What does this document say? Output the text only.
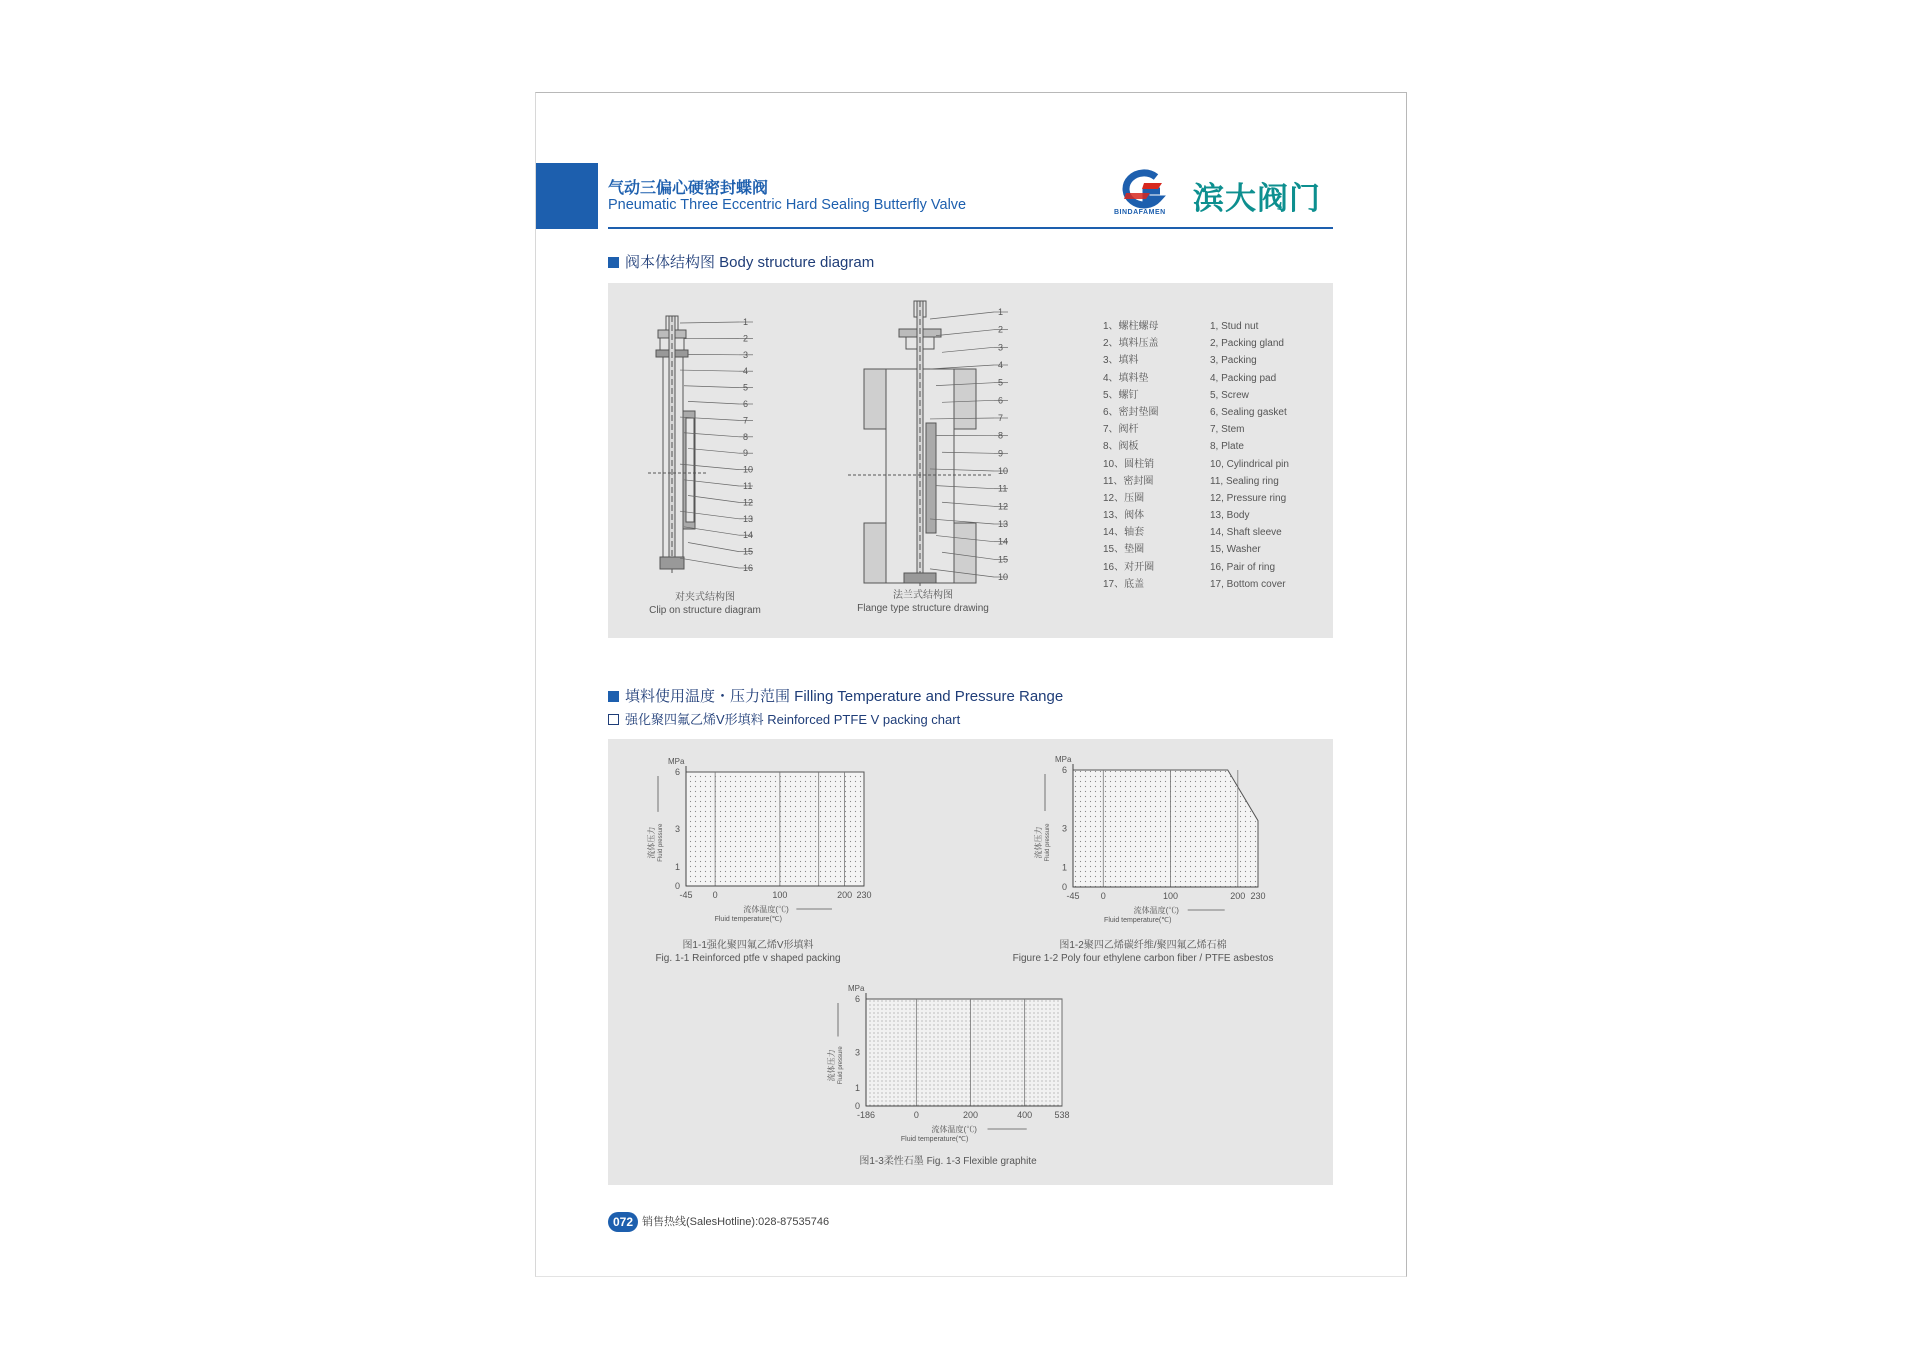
气动三偏心硬密封蝶阀
Pneumatic Three Eccentric Hard Sealing Butterfly Valve	BINDAFAMEN 滨大阀门
阀本体结构图 Body structure diagram
1
2
3
4
5
6
7
8
9
10
11
12
13
14
15
16
1
2
3
4
5
6
7
8
9
10
11
12
13
14
15
10
1、螺柱螺母	1, Stud nut
2、填料压盖	2, Packing gland
3、填料	3, Packing
4、填料垫	4, Packing pad
5、螺钉	5, Screw
6、密封垫圈	6, Sealing gasket
7、阀杆	7, Stem
8、阀板	8, Plate
10、圆柱销	10, Cylindrical pin
11、密封圈	11, Sealing ring
12、压圈	12, Pressure ring
13、阀体	13, Body
14、轴套	14, Shaft sleeve
15、垫圈	15, Washer
16、对开圈	16, Pair of ring
17、底盖	17, Bottom cover
对夹式结构图
Clip on structure diagram
法兰式结构图
Flange type structure drawing
填料使用温度・压力范围 Filling Temperature and Pressure Range
强化聚四氟乙烯V形填料 Reinforced PTFE V packing chart
-45 0	100	200 230
0
1
3
6
MPa
流体温度(℃)
Fluid temperature(℃)
流体压力 Fluid pressure
-45 0	100	200 230
0
1
3
6
MPa
流体温度(℃)
Fluid temperature(℃)
流体压力 Fluid pressure
-186	0	200	400 538
0
1
3
6
MPa
流体温度(℃)
Fluid temperature(℃)
流体压力 Fluid pressure
图1-1强化聚四氟乙烯V形填料
Fig. 1-1 Reinforced ptfe v shaped packing
图1-2聚四乙烯碳纤维/聚四氟乙烯石棉
Figure 1-2 Poly four ethylene carbon fiber / PTFE asbestos
图1-3柔性石墨 Fig. 1-3 Flexible graphite
072 销售热线(SalesHotline):028-87535746
